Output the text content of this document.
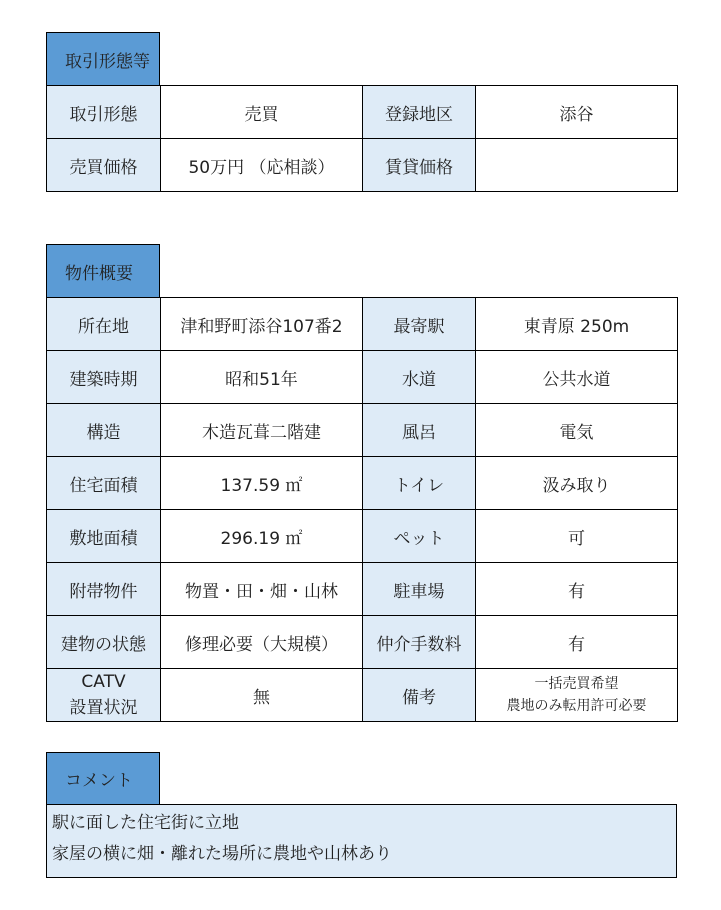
取引形態等
取引形態	売買	登録地区	添谷
売買価格	50万円 （応相談）	賃貸価格	
物件概要
所在地	津和野町添谷107番2	最寄駅	東青原 250m
建築時期	昭和51年	水道	公共水道
構造	木造瓦葺二階建	風呂	電気
住宅面積	137.59 ㎡	トイレ	汲み取り
敷地面積	296.19 ㎡	ペット	可
附帯物件	物置・田・畑・山林	駐車場	有
建物の状態	修理必要（大規模）	仲介手数料	有

CATV
設置状況	無	備考	一括売買希望
農地のみ転用許可必要
コメント
駅に面した住宅街に立地
家屋の横に畑・離れた場所に農地や山林あり
